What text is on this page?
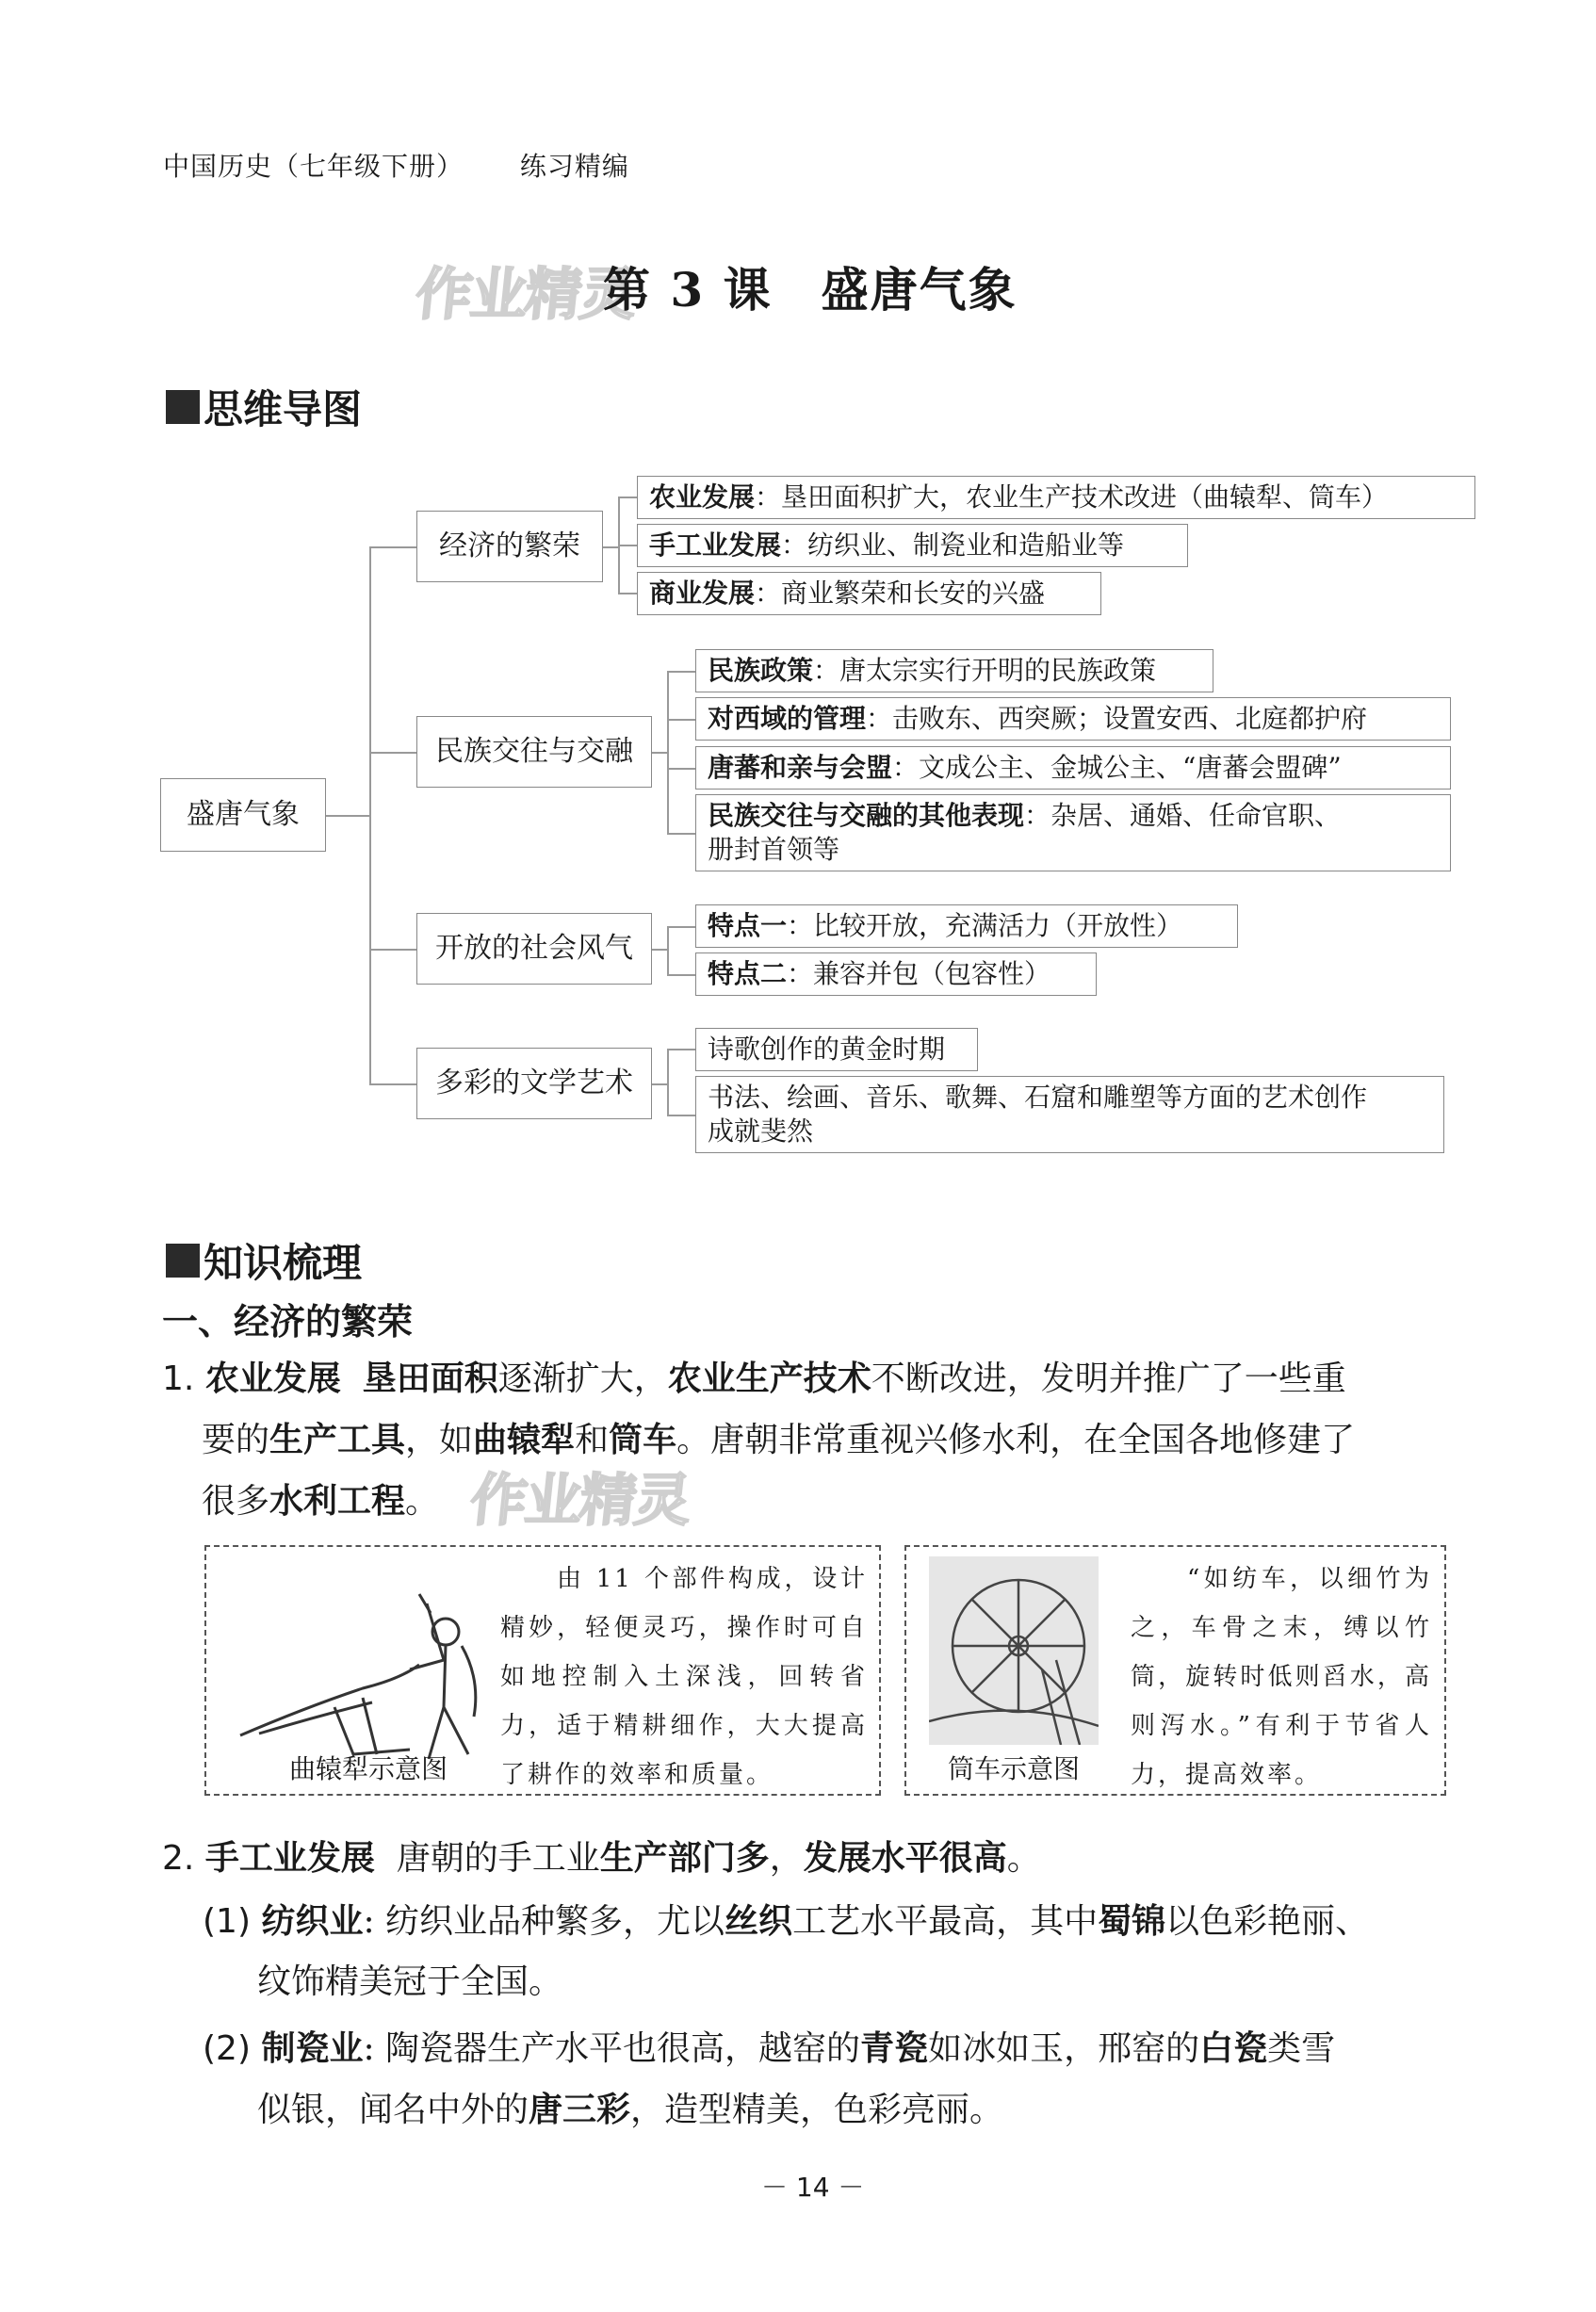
中国历史（七年级下册） 练习精编
作业精灵
作业精灵
第 3 课　盛唐气象
思维导图
盛唐气象
经济的繁荣
民族交往与交融
开放的社会风气
多彩的文学艺术
农业发展：垦田面积扩大，农业生产技术改进（曲辕犁、筒车）
手工业发展：纺织业、制瓷业和造船业等
商业发展：商业繁荣和长安的兴盛
民族政策：唐太宗实行开明的民族政策
对西域的管理：击败东、西突厥；设置安西、北庭都护府
唐蕃和亲与会盟：文成公主、金城公主、“唐蕃会盟碑”
民族交往与交融的其他表现：杂居、通婚、任命官职、
册封首领等
特点一：比较开放，充满活力（开放性）
特点二：兼容并包（包容性）
诗歌创作的黄金时期
书法、绘画、音乐、歌舞、石窟和雕塑等方面的艺术创作
成就斐然
知识梳理
一、经济的繁荣
1. 农业发展 垦田面积逐渐扩大，农业生产技术不断改进，发明并推广了一些重
要的生产工具，如曲辕犁和筒车。唐朝非常重视兴修水利，在全国各地修建了
很多水利工程。
由 11 个部件构成，设计精妙，轻便灵巧，操作时可自如地控制入土深浅，回转省力，适于精耕细作，大大提高了耕作的效率和质量。
曲辕犁示意图
“如纺车，以细竹为之，车骨之末，缚以竹筒，旋转时低则舀水，高则泻水。”有利于节省人力，提高效率。
筒车示意图
2. 手工业发展 唐朝的手工业生产部门多，发展水平很高。
(1) 纺织业: 纺织业品种繁多，尤以丝织工艺水平最高，其中蜀锦以色彩艳丽、
纹饰精美冠于全国。
(2) 制瓷业: 陶瓷器生产水平也很高，越窑的青瓷如冰如玉，邢窑的白瓷类雪
似银，闻名中外的唐三彩，造型精美，色彩亮丽。
－ 14 －
